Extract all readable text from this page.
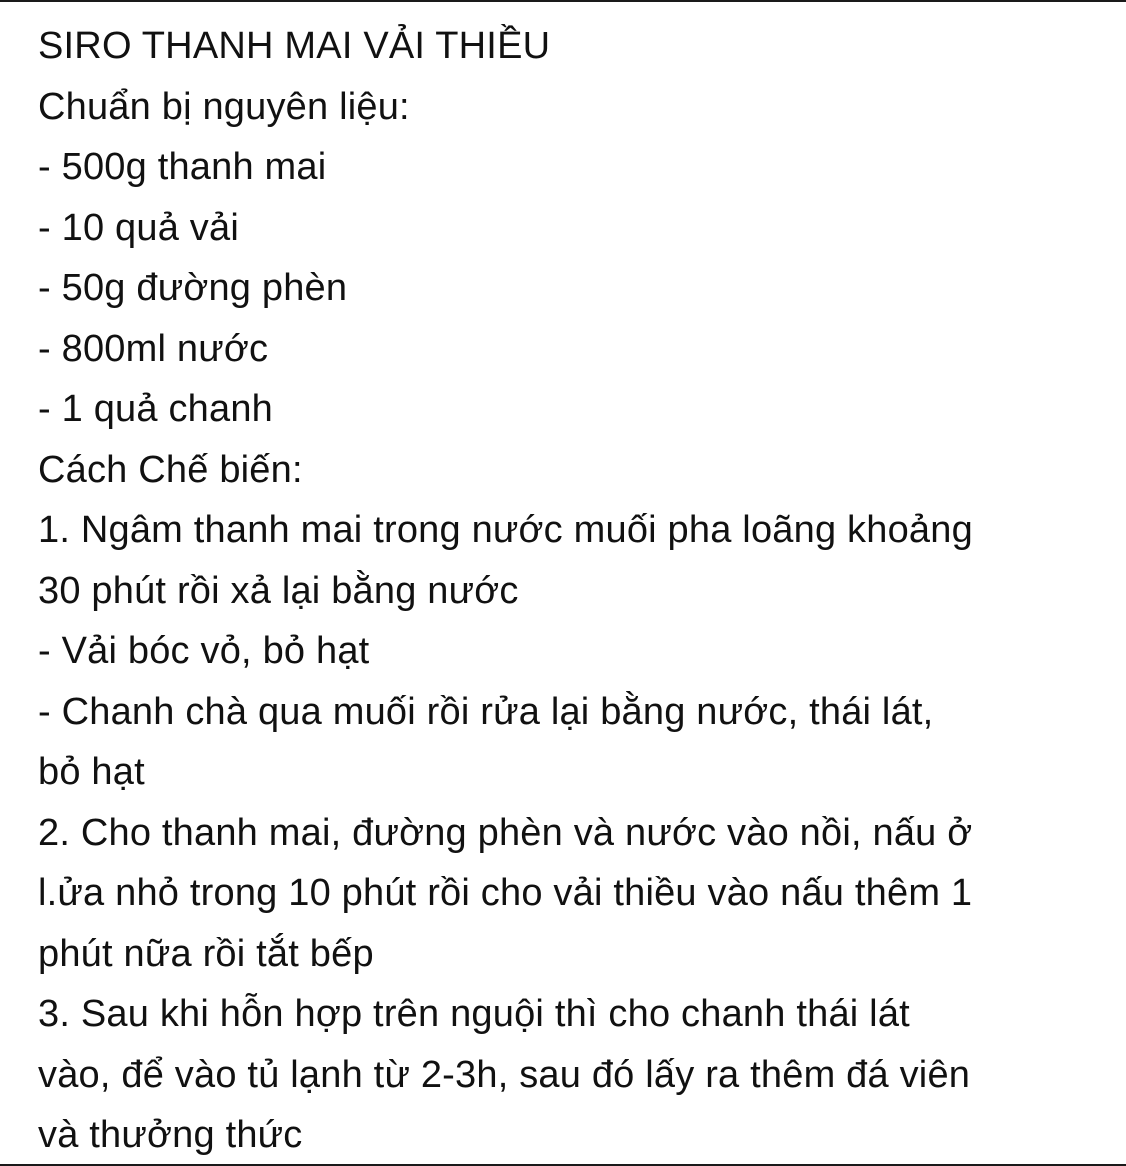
SIRO THANH MAI VẢI THIỀU
Chuẩn bị nguyên liệu:
- 500g thanh mai
- 10 quả vải
- 50g đường phèn
- 800ml nước
- 1 quả chanh
Cách Chế biến:
1. Ngâm thanh mai trong nước muối pha loãng khoảng
30 phút rồi xả lại bằng nước
- Vải bóc vỏ, bỏ hạt
- Chanh chà qua muối rồi rửa lại bằng nước, thái lát,
bỏ hạt
2. Cho thanh mai, đường phèn và nước vào nồi, nấu ở
l.ửa nhỏ trong 10 phút rồi cho vải thiều vào nấu thêm 1
phút nữa rồi tắt bếp
3. Sau khi hỗn hợp trên nguội thì cho chanh thái lát
vào, để vào tủ lạnh từ 2-3h, sau đó lấy ra thêm đá viên
và thưởng thức
